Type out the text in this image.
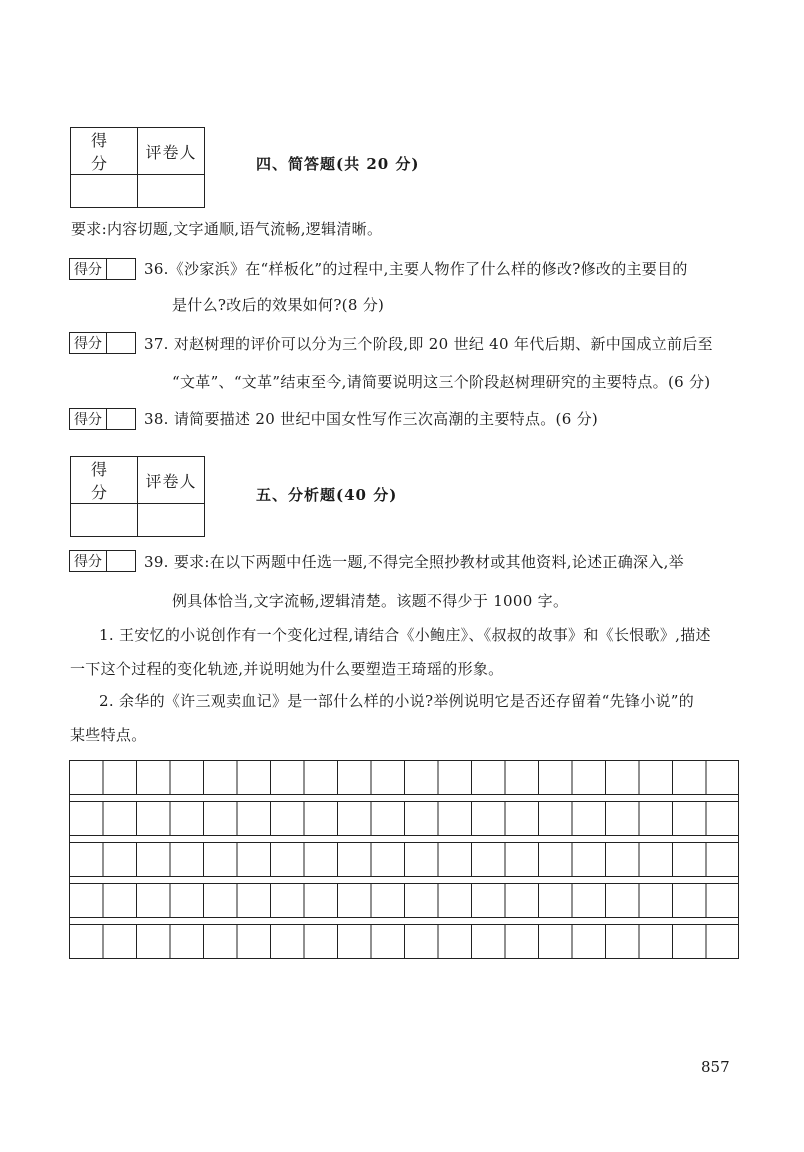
得 分	评卷人

四、简答题(共 20 分)
要求:内容切题,文字通顺,语气流畅,逻辑清晰。
得分	36.《沙家浜》在“样板化”的过程中,主要人物作了什么样的修改?修改的主要目的
是什么?改后的效果如何?(8 分)
得分	37. 对赵树理的评价可以分为三个阶段,即 20 世纪 40 年代后期、新中国成立前后至
“文革”、“文革”结束至今,请简要说明这三个阶段赵树理研究的主要特点。(6 分)
得分	38. 请简要描述 20 世纪中国女性写作三次高潮的主要特点。(6 分)
得 分	评卷人

五、分析题(40 分)
得分	39. 要求:在以下两题中任选一题,不得完全照抄教材或其他资料,论述正确深入,举
例具体恰当,文字流畅,逻辑清楚。该题不得少于 1000 字。
1. 王安忆的小说创作有一个变化过程,请结合《小鲍庄》、《叔叔的故事》和《长恨歌》,描述
一下这个过程的变化轨迹,并说明她为什么要塑造王琦瑶的形象。
2. 余华的《许三观卖血记》是一部什么样的小说?举例说明它是否还存留着“先锋小说”的
某些特点。
857
